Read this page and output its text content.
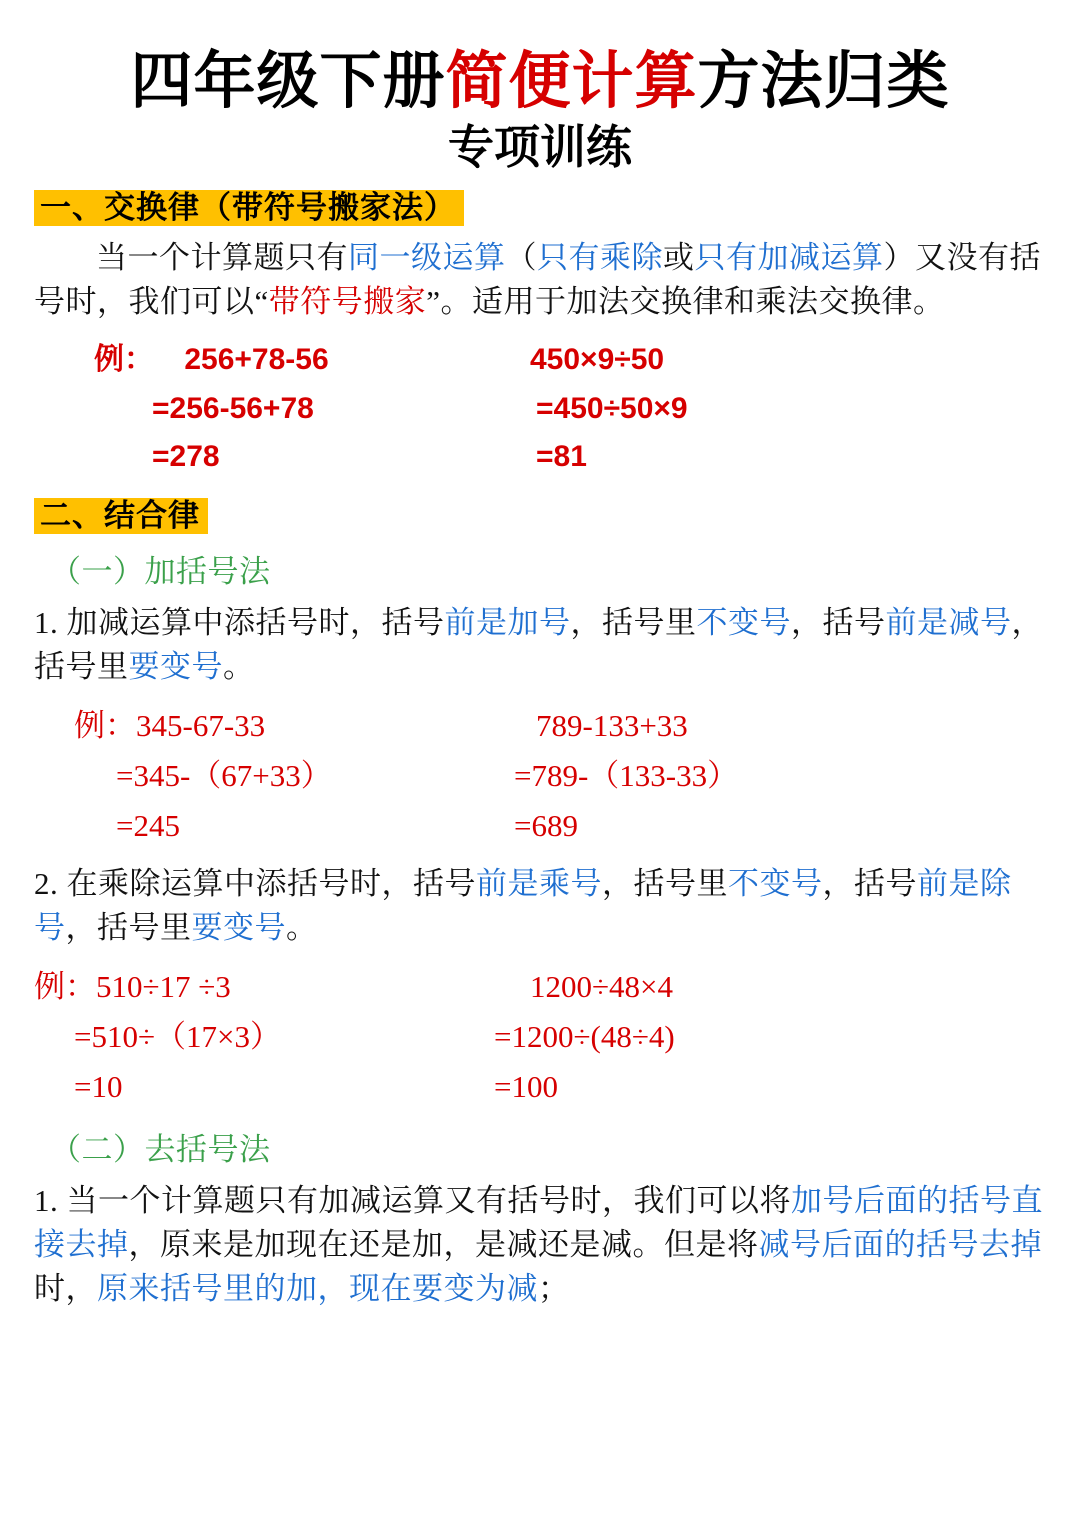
四年级下册简便计算方法归类
专项训练
一、交换律（带符号搬家法）
当一个计算题只有同一级运算（只有乘除或只有加减运算）又没有括号时，我们可以“带符号搬家”。适用于加法交换律和乘法交换律。
例： 256+78-56	450×9÷50
=256-56+78	=450÷50×9
=278	=81
二、结合律
（一）加括号法
1. 加减运算中添括号时，括号前是加号，括号里不变号，括号前是减号，括号里要变号。
例：345-67-33	789-133+33
=345-（67+33）	=789-（133-33）
=245	=689
2. 在乘除运算中添括号时，括号前是乘号，括号里不变号，括号前是除号，括号里要变号。
例：510÷17 ÷3	1200÷48×4
=510÷（17×3）	=1200÷(48÷4)
=10	=100
（二）去括号法
1. 当一个计算题只有加减运算又有括号时，我们可以将加号后面的括号直接去掉，原来是加现在还是加，是减还是减。但是将减号后面的括号去掉时，原来括号里的加，现在要变为减；
